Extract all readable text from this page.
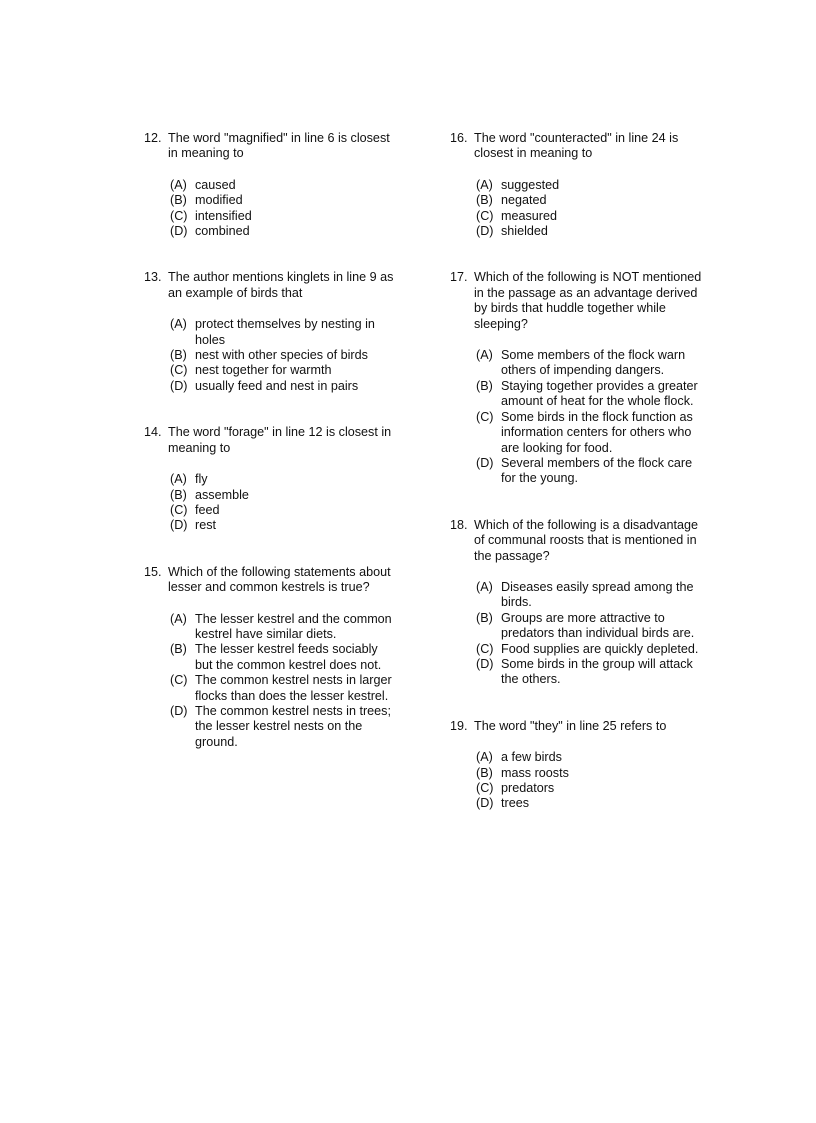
12. The word "magnified" in line 6 is closest in meaning to

(A) caused
(B) modified
(C) intensified
(D) combined

13. The author mentions kinglets in line 9 as an example of birds that

(A) protect themselves by nesting in holes
(B) nest with other species of birds
(C) nest together for warmth
(D) usually feed and nest in pairs

14. The word "forage" in line 12 is closest in meaning to

(A) fly
(B) assemble
(C) feed
(D) rest

15. Which of the following statements about lesser and common kestrels is true?

(A) The lesser kestrel and the common kestrel have similar diets.
(B) The lesser kestrel feeds sociably but the common kestrel does not.
(C) The common kestrel nests in larger flocks than does the lesser kestrel.
(D) The common kestrel nests in trees; the lesser kestrel nests on the ground.

16. The word "counteracted" in line 24 is closest in meaning to

(A) suggested
(B) negated
(C) measured
(D) shielded

17. Which of the following is NOT mentioned in the passage as an advantage derived by birds that huddle together while sleeping?

(A) Some members of the flock warn others of impending dangers.
(B) Staying together provides a greater amount of heat for the whole flock.
(C) Some birds in the flock function as information centers for others who are looking for food.
(D) Several members of the flock care for the young.

18. Which of the following is a disadvantage of communal roosts that is mentioned in the passage?

(A) Diseases easily spread among the birds.
(B) Groups are more attractive to predators than individual birds are.
(C) Food supplies are quickly depleted.
(D) Some birds in the group will attack the others.

19. The word "they" in line 25 refers to

(A) a few birds
(B) mass roosts
(C) predators
(D) trees
